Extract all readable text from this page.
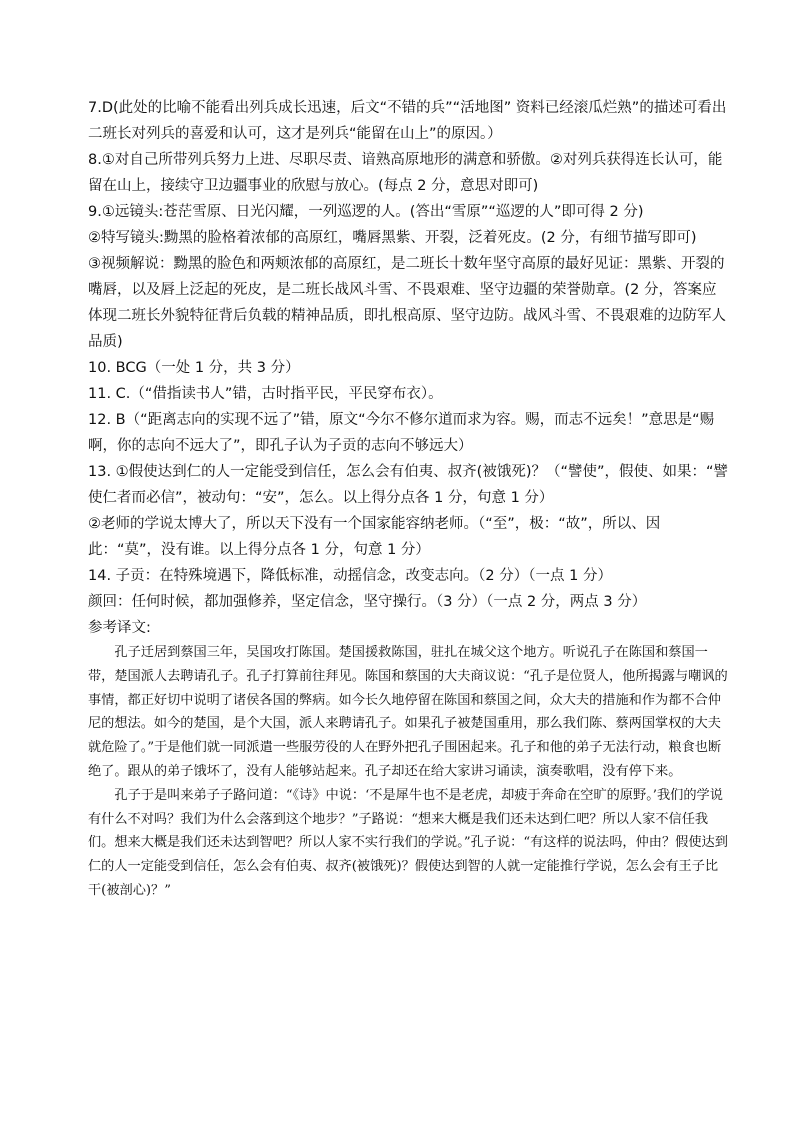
7.D(此处的比喻不能看出列兵成长迅速，后文“不错的兵”“活地图” 资料已经滚瓜烂熟”的描述可看出二班长对列兵的喜爱和认可，这才是列兵“能留在山上”的原因。）

8.①对自己所带列兵努力上进、尽职尽责、谙熟高原地形的满意和骄傲。②对列兵获得连长认可，能留在山上，接续守卫边疆事业的欣慰与放心。(每点 2 分，意思对即可)

9.①远镜头:苍茫雪原、日光闪耀，一列巡逻的人。(答出“雪原”“巡逻的人”即可得 2 分)

②特写镜头:黝黑的脸格着浓郁的高原红，嘴唇黑紫、开裂，泛着死皮。(2 分，有细节描写即可)

③视频解说：黝黑的脸色和两颊浓郁的高原红，是二班长十数年坚守高原的最好见证：黑紫、开裂的嘴唇，以及唇上泛起的死皮，是二班长战风斗雪、不畏艰难、坚守边疆的荣誉勋章。(2 分，答案应体现二班长外貌特征背后负载的精神品质，即扎根高原、坚守边防。战风斗雪、不畏艰难的边防军人品质)

10. BCG（一处 1 分，共 3 分）

11. C.（“借指读书人”错，古时指平民，平民穿布衣）。

12. B（“距离志向的实现不远了”错，原文“今尔不修尔道而求为容。赐，而志不远矣！”意思是“赐啊，你的志向不远大了”，即孔子认为子贡的志向不够远大）

13. ①假使达到仁的人一定能受到信任，怎么会有伯夷、叔齐(被饿死)？（“譬使”，假使、如果：“譬使仁者而必信”，被动句：“安”，怎么。以上得分点各 1 分，句意 1 分）

②老师的学说太博大了，所以天下没有一个国家能容纳老师。（“至”，极：“故”，所以、因此：“莫”，没有谁。以上得分点各 1 分，句意 1 分）

14. 子贡：在特殊境遇下，降低标准，动摇信念，改变志向。（2 分）（一点 1 分）

颜回：任何时候，都加强修养，坚定信念，坚守操行。（3 分）（一点 2 分，两点 3 分）

参考译文:

孔子迁居到蔡国三年，吴国攻打陈国。楚国援救陈国，驻扎在城父这个地方。听说孔子在陈国和蔡国一带，楚国派人去聘请孔子。孔子打算前往拜见。陈国和蔡国的大夫商议说：“孔子是位贤人，他所揭露与嘲讽的事情，都正好切中说明了诸侯各国的弊病。如今长久地停留在陈国和蔡国之间，众大夫的措施和作为都不合仲尼的想法。如今的楚国，是个大国，派人来聘请孔子。如果孔子被楚国重用，那么我们陈、蔡两国掌权的大夫就危险了。”于是他们就一同派遣一些服劳役的人在野外把孔子围困起来。孔子和他的弟子无法行动，粮食也断绝了。跟从的弟子饿坏了，没有人能够站起来。孔子却还在给大家讲习诵读，演奏歌唱，没有停下来。

孔子于是叫来弟子子路问道：“《诗》中说：‘不是犀牛也不是老虎，却疲于奔命在空旷的原野。’我们的学说有什么不对吗？我们为什么会落到这个地步？”子路说：“想来大概是我们还未达到仁吧？所以人家不信任我们。想来大概是我们还未达到智吧？所以人家不实行我们的学说。”孔子说：“有这样的说法吗，仲由？假使达到仁的人一定能受到信任，怎么会有伯夷、叔齐(被饿死)？假使达到智的人就一定能推行学说，怎么会有王子比干(被剖心)？”
